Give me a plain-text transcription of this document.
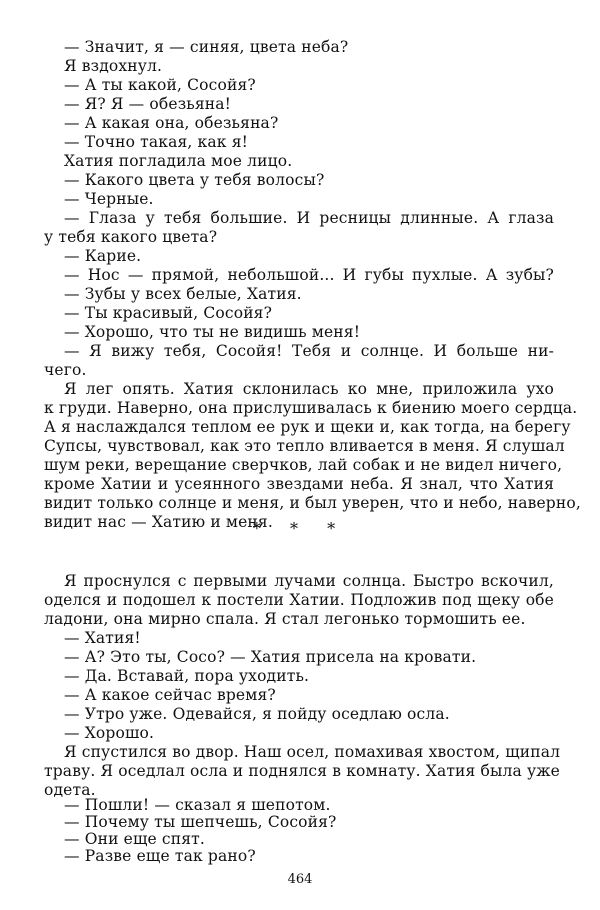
— Значит, я — синяя, цвета неба?
Я вздохнул.
— А ты какой, Сосойя?
— Я? Я — обезьяна!
— А какая она, обезьяна?
— Точно такая, как я!
Хатия погладила мое лицо.
— Какого цвета у тебя волосы?
— Черные.
— Глаза у тебя большие. И ресницы длинные. А глаза
у тебя какого цвета?
— Карие.
— Нос — прямой, небольшой... И губы пухлые. А зубы?
— Зубы у всех белые, Хатия.
— Ты красивый, Сосойя?
— Хорошо, что ты не видишь меня!
— Я вижу тебя, Сосойя! Тебя и солнце. И больше ни-
чего.
Я лег опять. Хатия склонилась ко мне, приложила ухо
к груди. Наверно, она прислушивалась к биению моего сердца.
А я наслаждался теплом ее рук и щеки и, как тогда, на берегу
Супсы, чувствовал, как это тепло вливается в меня. Я слушал
шум реки, верещание сверчков, лай собак и не видел ничего,
кроме Хатии и усеянного звездами неба. Я знал, что Хатия
видит только солнце и меня, и был уверен, что и небо, наверно,
видит нас — Хатию и меня.
* * *
Я проснулся с первыми лучами солнца. Быстро вскочил,
оделся и подошел к постели Хатии. Подложив под щеку обе
ладони, она мирно спала. Я стал легонько тормошить ее.
— Хатия!
— А? Это ты, Сосо? — Хатия присела на кровати.
— Да. Вставай, пора уходить.
— А какое сейчас время?
— Утро уже. Одевайся, я пойду оседлаю осла.
— Хорошо.
Я спустился во двор. Наш осел, помахивая хвостом, щипал
траву. Я оседлал осла и поднялся в комнату. Хатия была уже
одета.
— Пошли! — сказал я шепотом.
— Почему ты шепчешь, Сосойя?
— Они еще спят.
— Разве еще так рано?
464
